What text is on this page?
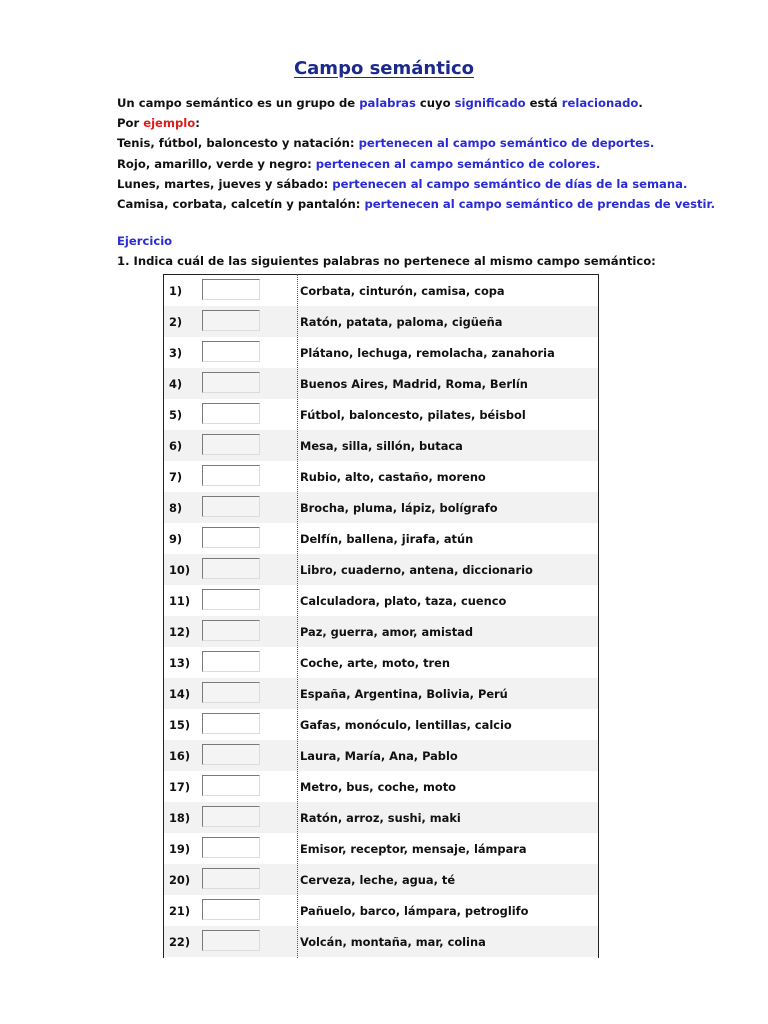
Campo semántico
Un campo semántico es un grupo de palabras cuyo significado está relacionado.
Por ejemplo:
Tenis, fútbol, baloncesto y natación: pertenecen al campo semántico de deportes.
Rojo, amarillo, verde y negro: pertenecen al campo semántico de colores.
Lunes, martes, jueves y sábado: pertenecen al campo semántico de días de la semana.
Camisa, corbata, calcetín y pantalón: pertenecen al campo semántico de prendas de vestir.
Ejercicio
1. Indica cuál de las siguientes palabras no pertenece al mismo campo semántico:
1)	Corbata, cinturón, camisa, copa
2)	Ratón, patata, paloma, cigüeña
3)	Plátano, lechuga, remolacha, zanahoria
4)	Buenos Aires, Madrid, Roma, Berlín
5)	Fútbol, baloncesto, pilates, béisbol
6)	Mesa, silla, sillón, butaca
7)	Rubio, alto, castaño, moreno
8)	Brocha, pluma, lápiz, bolígrafo
9)	Delfín, ballena, jirafa, atún
10)	Libro, cuaderno, antena, diccionario
11)	Calculadora, plato, taza, cuenco
12)	Paz, guerra, amor, amistad
13)	Coche, arte, moto, tren
14)	España, Argentina, Bolivia, Perú
15)	Gafas, monóculo, lentillas, calcio
16)	Laura, María, Ana, Pablo
17)	Metro, bus, coche, moto
18)	Ratón, arroz, sushi, maki
19)	Emisor, receptor, mensaje, lámpara
20)	Cerveza, leche, agua, té
21)	Pañuelo, barco, lámpara, petroglifo
22)	Volcán, montaña, mar, colina
